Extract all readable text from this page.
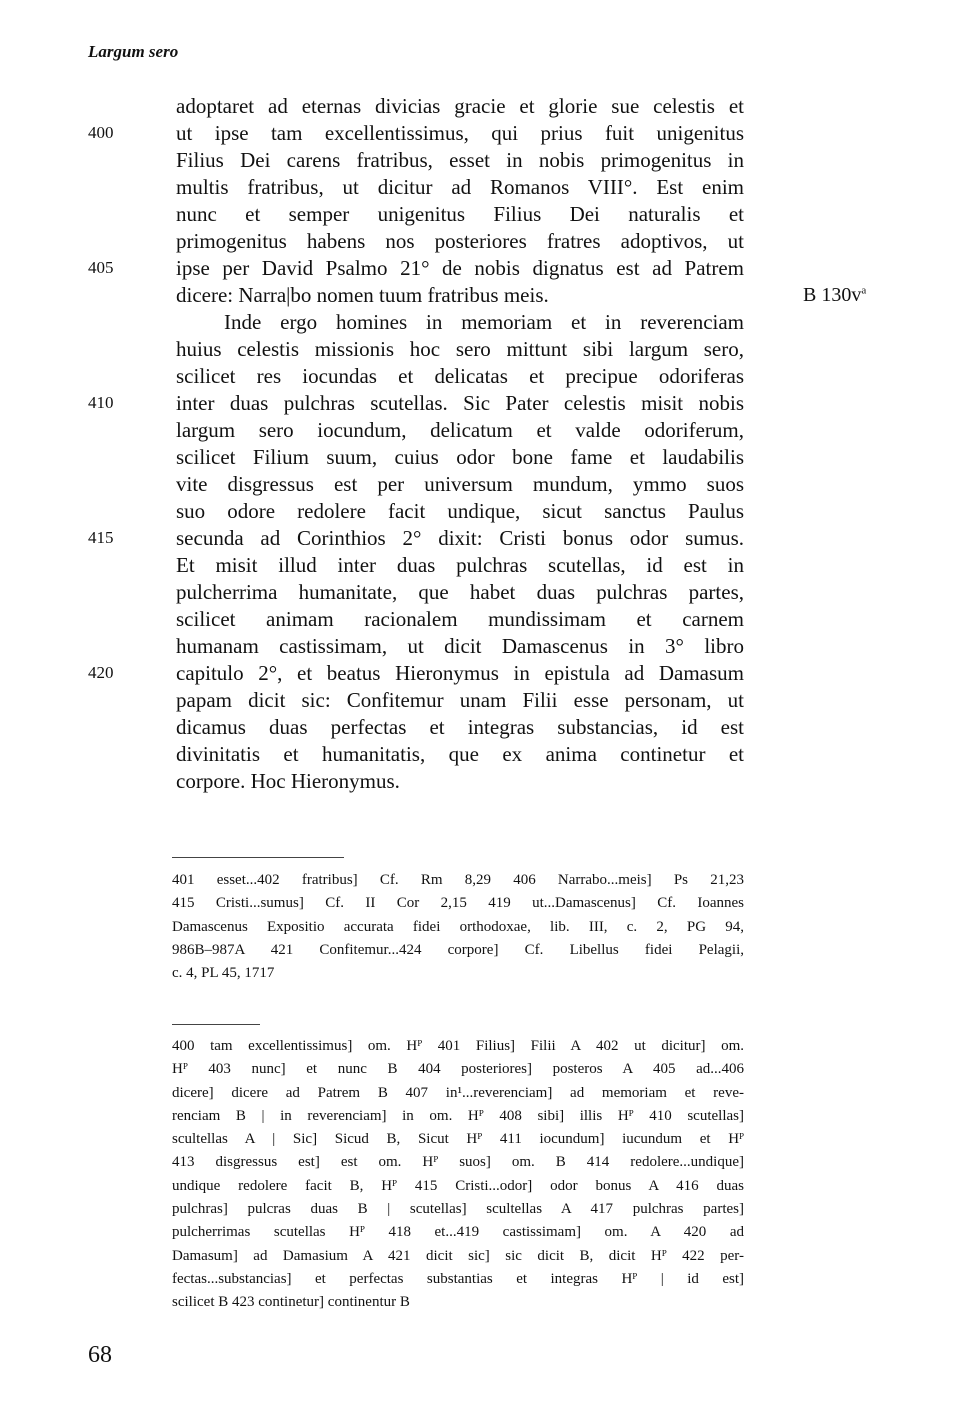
Largum sero
adoptaret ad eternas divicias gracie et glorie sue celestis et
ut ipse tam excellentissimus, qui prius fuit unigenitus
Filius Dei carens fratribus, esset in nobis primogenitus in
multis fratribus, ut dicitur ad Romanos VIII°. Est enim
nunc et semper unigenitus Filius Dei naturalis et
primogenitus habens nos posteriores fratres adoptivos, ut
ipse per David Psalmo 21° de nobis dignatus est ad Patrem
dicere: Narra|bo nomen tuum fratribus meis.
Inde ergo homines in memoriam et in reverenciam
huius celestis missionis hoc sero mittunt sibi largum sero,
scilicet res iocundas et delicatas et precipue odoriferas
inter duas pulchras scutellas. Sic Pater celestis misit nobis
largum sero iocundum, delicatum et valde odoriferum,
scilicet Filium suum, cuius odor bone fame et laudabilis
vite disgressus est per universum mundum, ymmo suos
suo odore redolere facit undique, sicut sanctus Paulus
secunda ad Corinthios 2° dixit: Cristi bonus odor sumus.
Et misit illud inter duas pulchras scutellas, id est in
pulcherrima humanitate, que habet duas pulchras partes,
scilicet animam racionalem mundissimam et carnem
humanam castissimam, ut dicit Damascenus in 3° libro
capitulo 2°, et beatus Hieronymus in epistula ad Damasum
papam dicit sic: Confitemur unam Filii esse personam, ut
dicamus duas perfectas et integras substancias, id est
divinitatis et humanitatis, que ex anima continetur et
corpore. Hoc Hieronymus.
400
405
410
415
420
B $130v^a$
401 esset...402 fratribus] Cf. Rm 8,29 406 Narrabo...meis] Ps 21,23
415 Cristi...sumus] Cf. II Cor 2,15 419 ut...Damascenus] Cf. Ioannes
Damascenus Expositio accurata fidei orthodoxae, lib. III, c. 2, PG 94,
986B–987A 421 Confitemur...424 corpore] Cf. Libellus fidei Pelagii,
c. 4, PL 45, 1717
400 tam excellentissimus] om. Hᴾ 401 Filius] Filii A 402 ut dicitur] om.
Hᴾ 403 nunc] et nunc B 404 posteriores] posteros A 405 ad...406
dicere] dicere ad Patrem B 407 in¹...reverenciam] ad memoriam et reve-
renciam B | in reverenciam] in om. Hᴾ 408 sibi] illis Hᴾ 410 scutellas]
scultellas A | Sic] Sicud B, Sicut Hᴾ 411 iocundum] iucundum et Hᴾ
413 disgressus est] est om. Hᴾ suos] om. B 414 redolere...undique]
undique redolere facit B, Hᴾ 415 Cristi...odor] odor bonus A 416 duas
pulchras] pulcras duas B | scutellas] scultellas A 417 pulchras partes]
pulcherrimas scutellas Hᴾ 418 et...419 castissimam] om. A 420 ad
Damasum] ad Damasium A 421 dicit sic] sic dicit B, dicit Hᴾ 422 per-
fectas...substancias] et perfectas substantias et integras Hᴾ | id est]
scilicet B 423 continetur] continentur B
68
